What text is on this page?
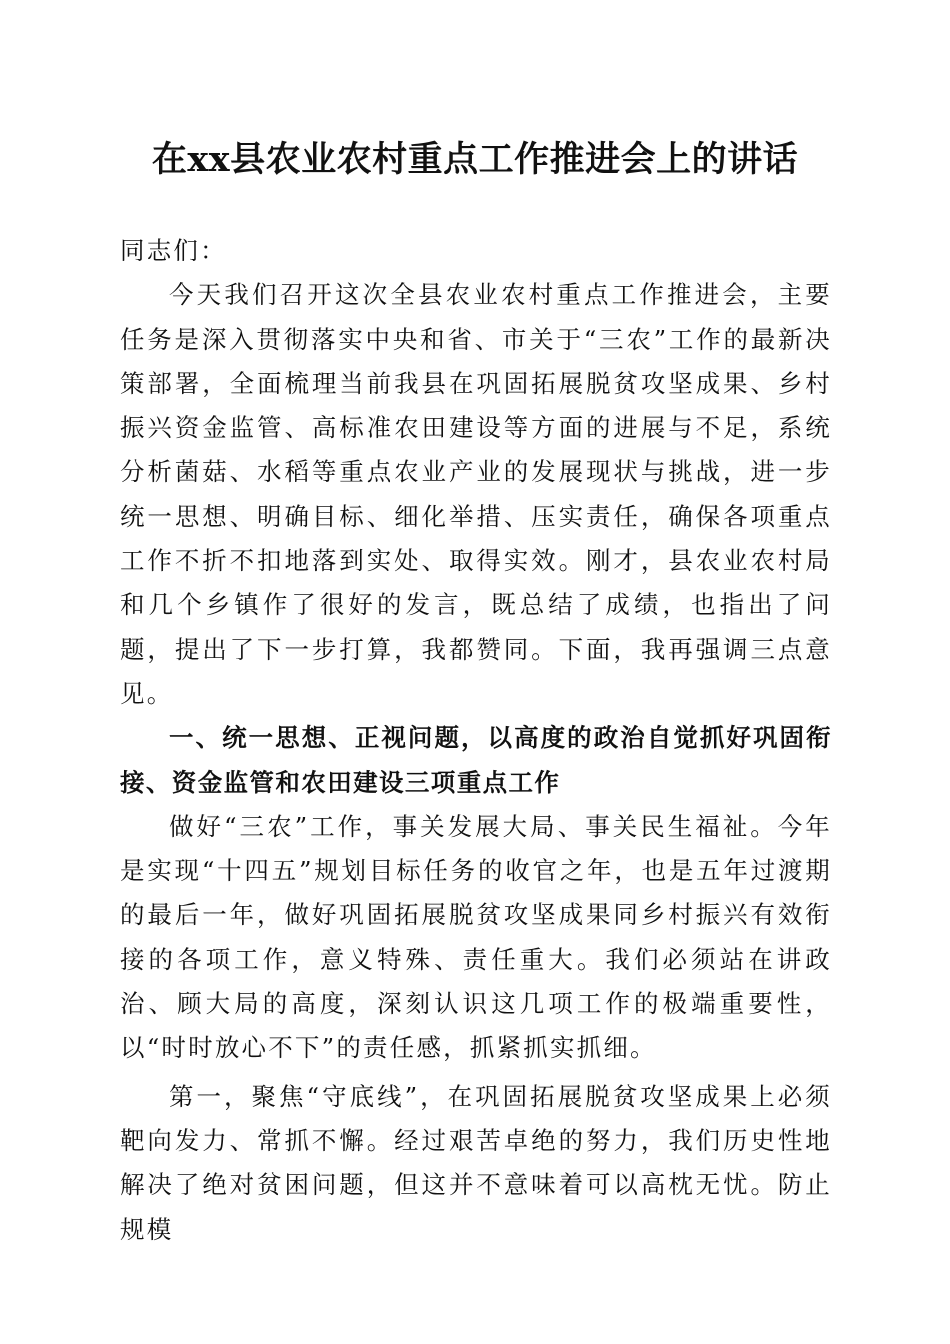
在xx县农业农村重点工作推进会上的讲话

同志们：

今天我们召开这次全县农业农村重点工作推进会，主要任务是深入贯彻落实中央和省、市关于“三农”工作的最新决策部署，全面梳理当前我县在巩固拓展脱贫攻坚成果、乡村振兴资金监管、高标准农田建设等方面的进展与不足，系统分析菌菇、水稻等重点农业产业的发展现状与挑战，进一步统一思想、明确目标、细化举措、压实责任，确保各项重点工作不折不扣地落到实处、取得实效。刚才，县农业农村局和几个乡镇作了很好的发言，既总结了成绩，也指出了问题，提出了下一步打算，我都赞同。下面，我再强调三点意见。

一、统一思想、正视问题，以高度的政治自觉抓好巩固衔接、资金监管和农田建设三项重点工作

做好“三农”工作，事关发展大局、事关民生福祉。今年是实现“十四五”规划目标任务的收官之年，也是五年过渡期的最后一年，做好巩固拓展脱贫攻坚成果同乡村振兴有效衔接的各项工作，意义特殊、责任重大。我们必须站在讲政治、顾大局的高度，深刻认识这几项工作的极端重要性，以“时时放心不下”的责任感，抓紧抓实抓细。

第一，聚焦“守底线”，在巩固拓展脱贫攻坚成果上必须靶向发力、常抓不懈。经过艰苦卓绝的努力，我们历史性地解决了绝对贫困问题，但这并不意味着可以高枕无忧。防止规模
